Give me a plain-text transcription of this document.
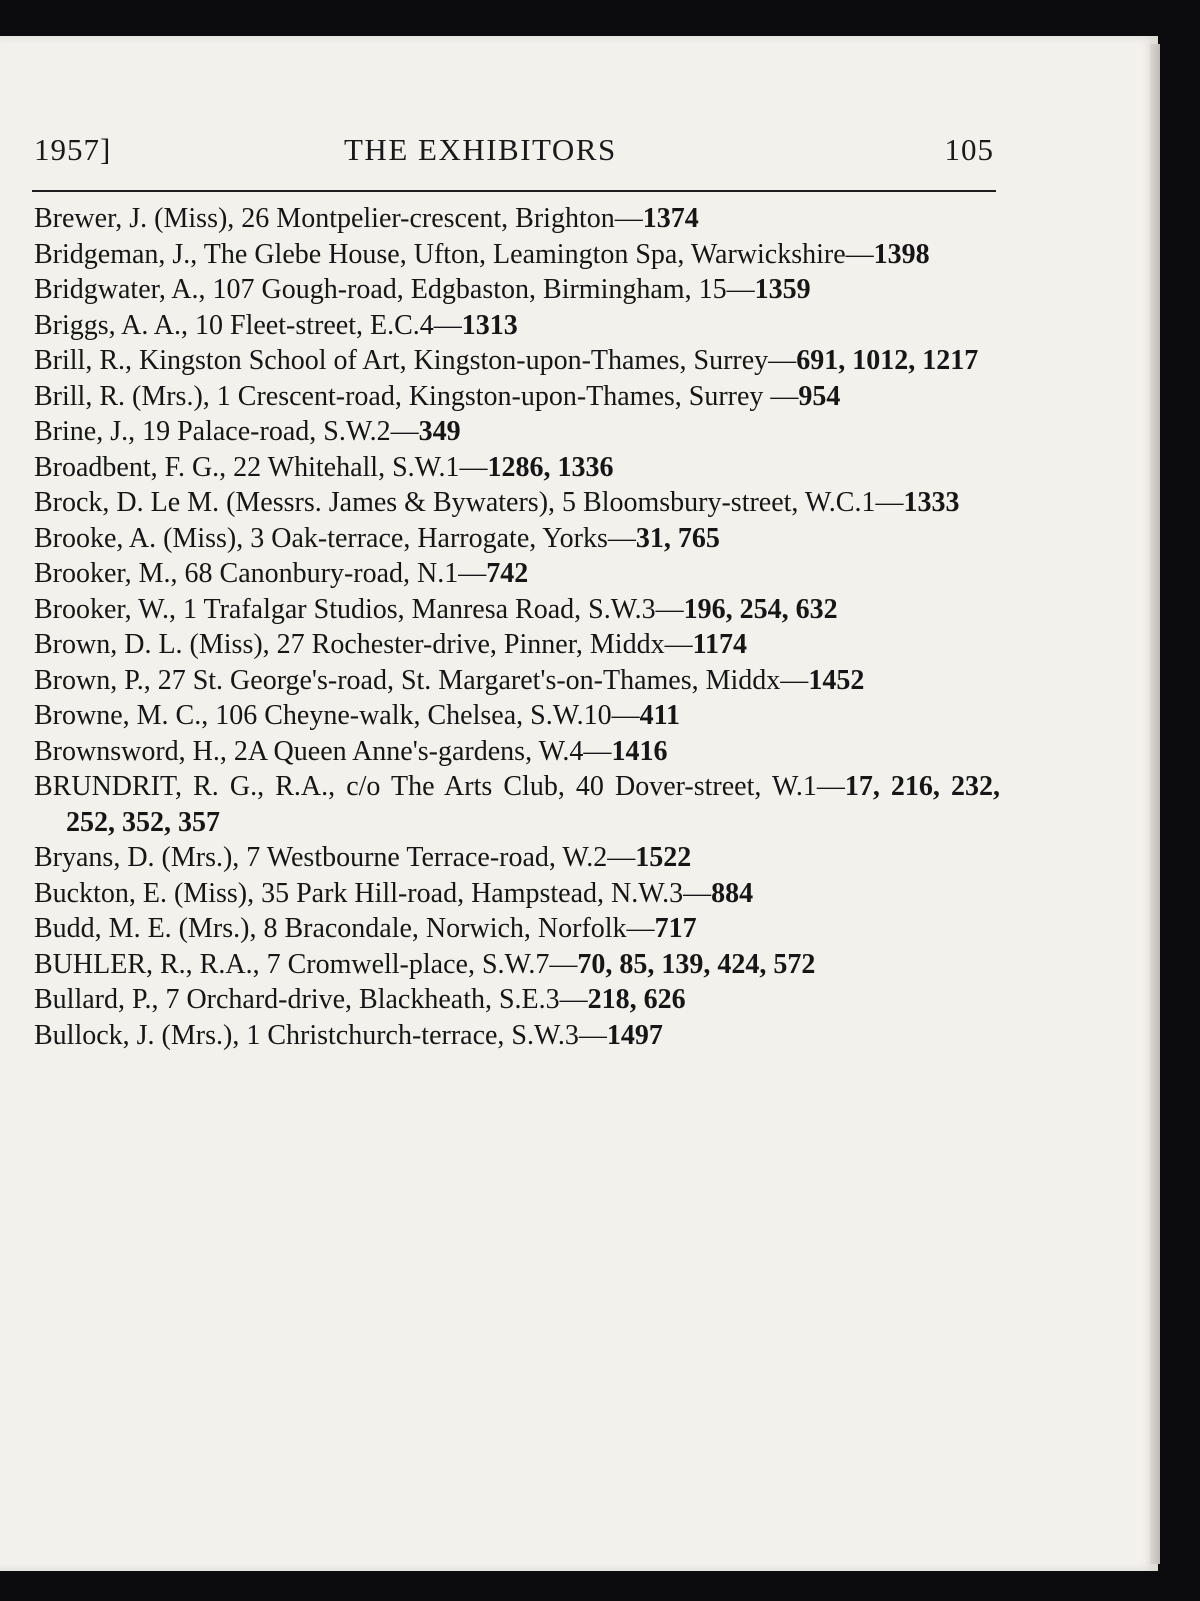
1957]	THE EXHIBITORS	105
Brewer, J. (Miss), 26 Montpelier-crescent, Brighton—1374
Bridgeman, J., The Glebe House, Ufton, Leamington Spa, Warwickshire—1398
Bridgwater, A., 107 Gough-road, Edgbaston, Birmingham, 15—1359
Briggs, A. A., 10 Fleet-street, E.C.4—1313
Brill, R., Kingston School of Art, Kingston-upon-Thames, Surrey—691, 1012, 1217
Brill, R. (Mrs.), 1 Crescent-road, Kingston-upon-Thames, Surrey —954
Brine, J., 19 Palace-road, S.W.2—349
Broadbent, F. G., 22 Whitehall, S.W.1—1286, 1336
Brock, D. Le M. (Messrs. James & Bywaters), 5 Bloomsbury-street, W.C.1—1333
Brooke, A. (Miss), 3 Oak-terrace, Harrogate, Yorks—31, 765
Brooker, M., 68 Canonbury-road, N.1—742
Brooker, W., 1 Trafalgar Studios, Manresa Road, S.W.3—196, 254, 632
Brown, D. L. (Miss), 27 Rochester-drive, Pinner, Middx—1174
Brown, P., 27 St. George's-road, St. Margaret's-on-Thames, Middx—1452
Browne, M. C., 106 Cheyne-walk, Chelsea, S.W.10—411
Brownsword, H., 2A Queen Anne's-gardens, W.4—1416
BRUNDRIT, R. G., R.A., c/o The Arts Club, 40 Dover-street, W.1—17, 216, 232, 252, 352, 357
Bryans, D. (Mrs.), 7 Westbourne Terrace-road, W.2—1522
Buckton, E. (Miss), 35 Park Hill-road, Hampstead, N.W.3—884
Budd, M. E. (Mrs.), 8 Bracondale, Norwich, Norfolk—717
BUHLER, R., R.A., 7 Cromwell-place, S.W.7—70, 85, 139, 424, 572
Bullard, P., 7 Orchard-drive, Blackheath, S.E.3—218, 626
Bullock, J. (Mrs.), 1 Christchurch-terrace, S.W.3—1497
